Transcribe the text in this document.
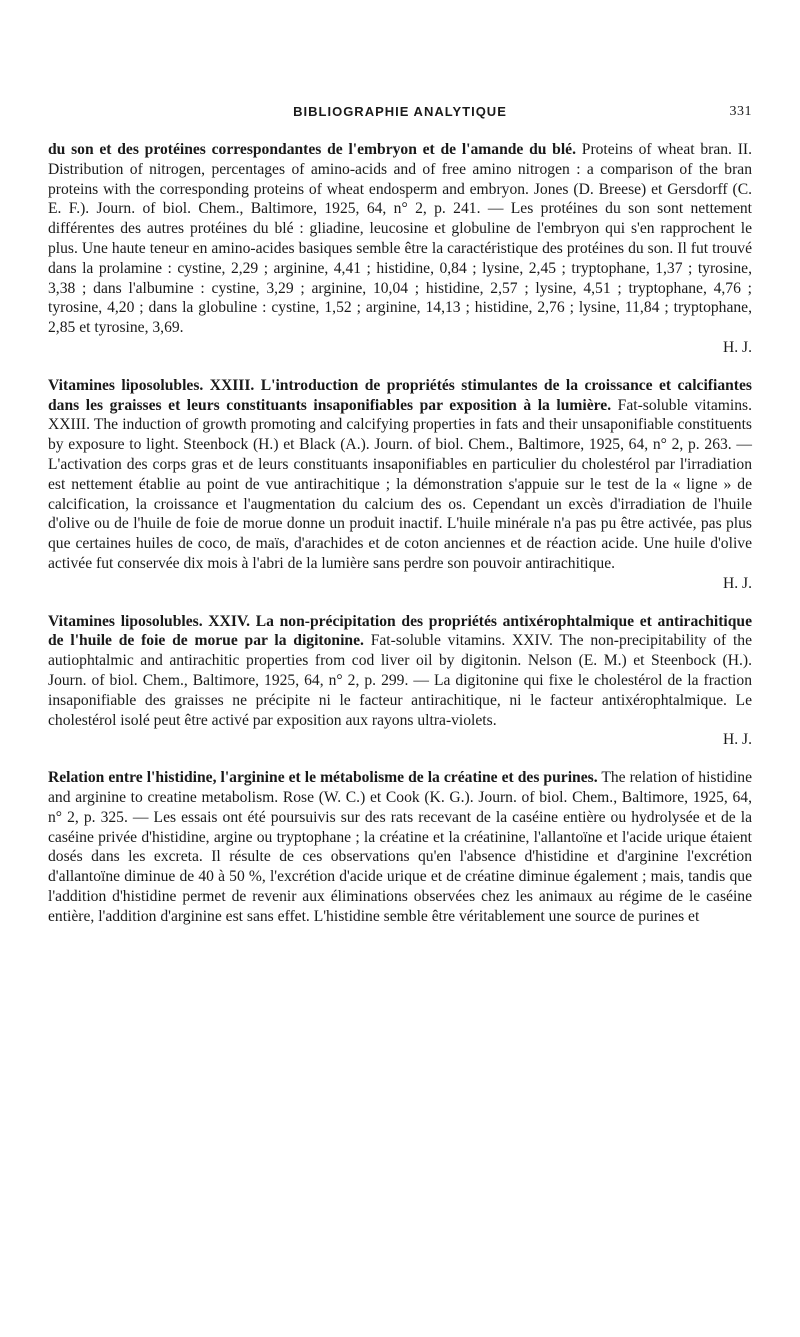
BIBLIOGRAPHIE ANALYTIQUE	331

du son et des protéines correspondantes de l'embryon et de l'amande du blé. Proteins of wheat bran. II. Distribution of nitrogen, percentages of amino-acids and of free amino nitrogen : a comparison of the bran proteins with the corresponding proteins of wheat endosperm and embryon. Jones (D. Breese) et Gersdorff (C. E. F.). Journ. of biol. Chem., Baltimore, 1925, 64, n° 2, p. 241. — Les protéines du son sont nettement différentes des autres protéines du blé : gliadine, leucosine et globuline de l'embryon qui s'en rapprochent le plus. Une haute teneur en amino-acides basiques semble être la caractéristique des protéines du son. Il fut trouvé dans la prolamine : cystine, 2,29 ; arginine, 4,41 ; histidine, 0,84 ; lysine, 2,45 ; tryptophane, 1,37 ; tyrosine, 3,38 ; dans l'albumine : cystine, 3,29 ; arginine, 10,04 ; histidine, 2,57 ; lysine, 4,51 ; tryptophane, 4,76 ; tyrosine, 4,20 ; dans la globuline : cystine, 1,52 ; arginine, 14,13 ; histidine, 2,76 ; lysine, 11,84 ; tryptophane, 2,85 et tyrosine, 3,69.
H. J.

Vitamines liposolubles. XXIII. L'introduction de propriétés stimulantes de la croissance et calcifiantes dans les graisses et leurs constituants insaponifiables par exposition à la lumière. Fat-soluble vitamins. XXIII. The induction of growth promoting and calcifying properties in fats and their unsaponifiable constituents by exposure to light. Steenbock (H.) et Black (A.). Journ. of biol. Chem., Baltimore, 1925, 64, n° 2, p. 263. — L'activation des corps gras et de leurs constituants insaponifiables en particulier du cholestérol par l'irradiation est nettement établie au point de vue antirachitique ; la démonstration s'appuie sur le test de la « ligne » de calcification, la croissance et l'augmentation du calcium des os. Cependant un excès d'irradiation de l'huile d'olive ou de l'huile de foie de morue donne un produit inactif. L'huile minérale n'a pas pu être activée, pas plus que certaines huiles de coco, de maïs, d'arachides et de coton anciennes et de réaction acide. Une huile d'olive activée fut conservée dix mois à l'abri de la lumière sans perdre son pouvoir antirachitique.
H. J.

Vitamines liposolubles. XXIV. La non-précipitation des propriétés antixérophtalmique et antirachitique de l'huile de foie de morue par la digitonine. Fat-soluble vitamins. XXIV. The non-precipitability of the autiophtalmic and antirachitic properties from cod liver oil by digitonin. Nelson (E. M.) et Steenbock (H.). Journ. of biol. Chem., Baltimore, 1925, 64, n° 2, p. 299. — La digitonine qui fixe le cholestérol de la fraction insaponifiable des graisses ne précipite ni le facteur antirachitique, ni le facteur antixérophtalmique. Le cholestérol isolé peut être activé par exposition aux rayons ultra-violets.
H. J.

Relation entre l'histidine, l'arginine et le métabolisme de la créatine et des purines. The relation of histidine and arginine to creatine metabolism. Rose (W. C.) et Cook (K. G.). Journ. of biol. Chem., Baltimore, 1925, 64, n° 2, p. 325. — Les essais ont été poursuivis sur des rats recevant de la caséine entière ou hydrolysée et de la caséine privée d'histidine, argine ou tryptophane ; la créatine et la créatinine, l'allantoïne et l'acide urique étaient dosés dans les excreta. Il résulte de ces observations qu'en l'absence d'histidine et d'arginine l'excrétion d'allantoïne diminue de 40 à 50 %, l'excrétion d'acide urique et de créatine diminue également ; mais, tandis que l'addition d'histidine permet de revenir aux éliminations observées chez les animaux au régime de le caséine entière, l'addition d'arginine est sans effet. L'histidine semble être véritablement une source de purines et
